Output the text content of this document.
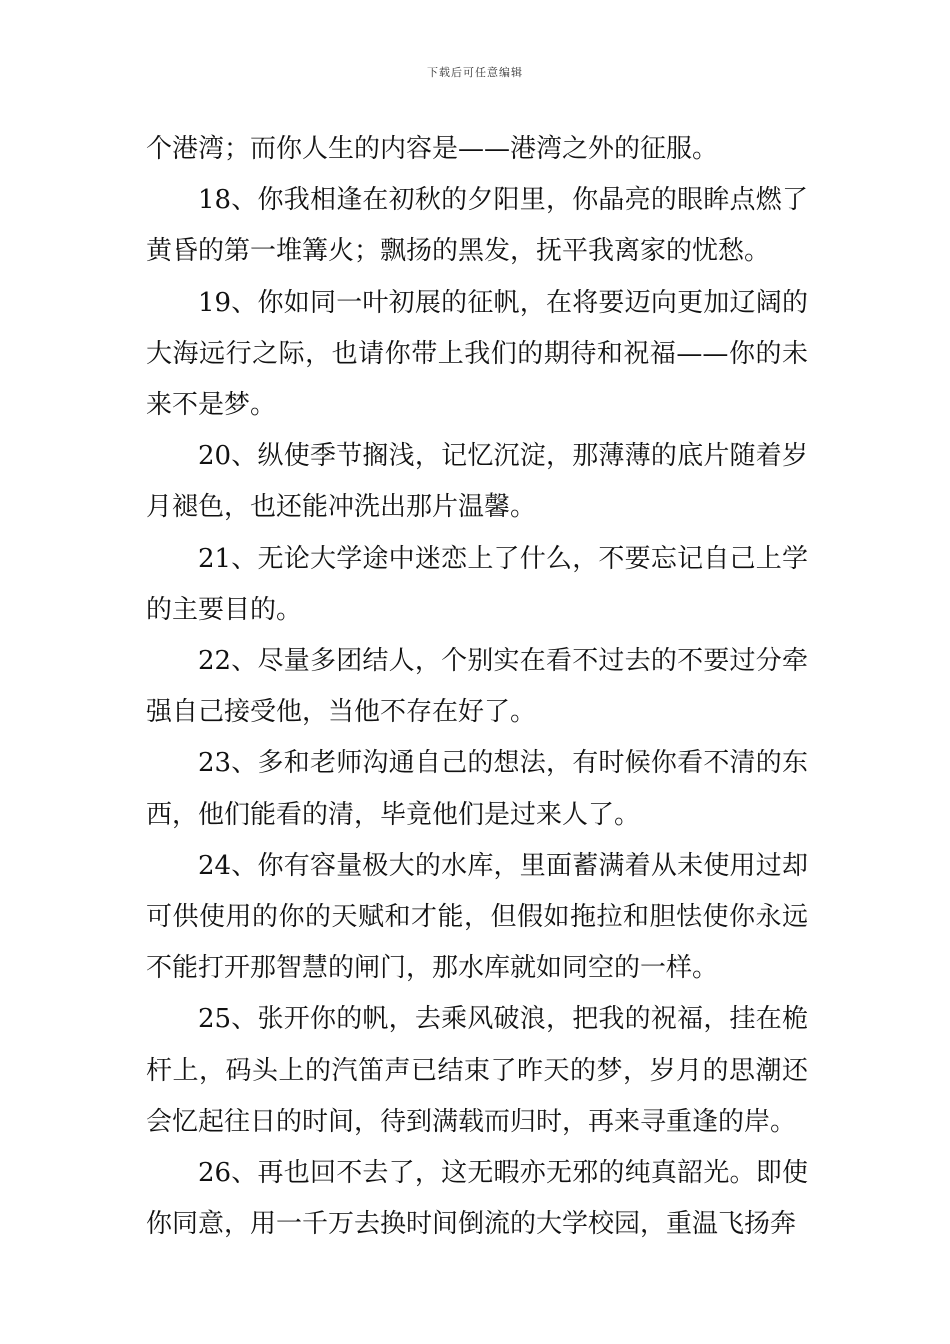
下载后可任意编辑

个港湾；而你人生的内容是——港湾之外的征服。

18、你我相逢在初秋的夕阳里，你晶亮的眼眸点燃了黄昏的第一堆篝火；飘扬的黑发，抚平我离家的忧愁。

19、你如同一叶初展的征帆，在将要迈向更加辽阔的大海远行之际，也请你带上我们的期待和祝福——你的未来不是梦。

20、纵使季节搁浅，记忆沉淀，那薄薄的底片随着岁月褪色，也还能冲洗出那片温馨。

21、无论大学途中迷恋上了什么，不要忘记自己上学的主要目的。

22、尽量多团结人，个别实在看不过去的不要过分牵强自己接受他，当他不存在好了。

23、多和老师沟通自己的想法，有时候你看不清的东西，他们能看的清，毕竟他们是过来人了。

24、你有容量极大的水库，里面蓄满着从未使用过却可供使用的你的天赋和才能，但假如拖拉和胆怯使你永远不能打开那智慧的闸门，那水库就如同空的一样。

25、张开你的帆，去乘风破浪，把我的祝福，挂在桅杆上，码头上的汽笛声已结束了昨天的梦，岁月的思潮还会忆起往日的时间，待到满载而归时，再来寻重逢的岸。

26、再也回不去了，这无暇亦无邪的纯真韶光。即使你同意，用一千万去换时间倒流的大学校园，重温飞扬奔
